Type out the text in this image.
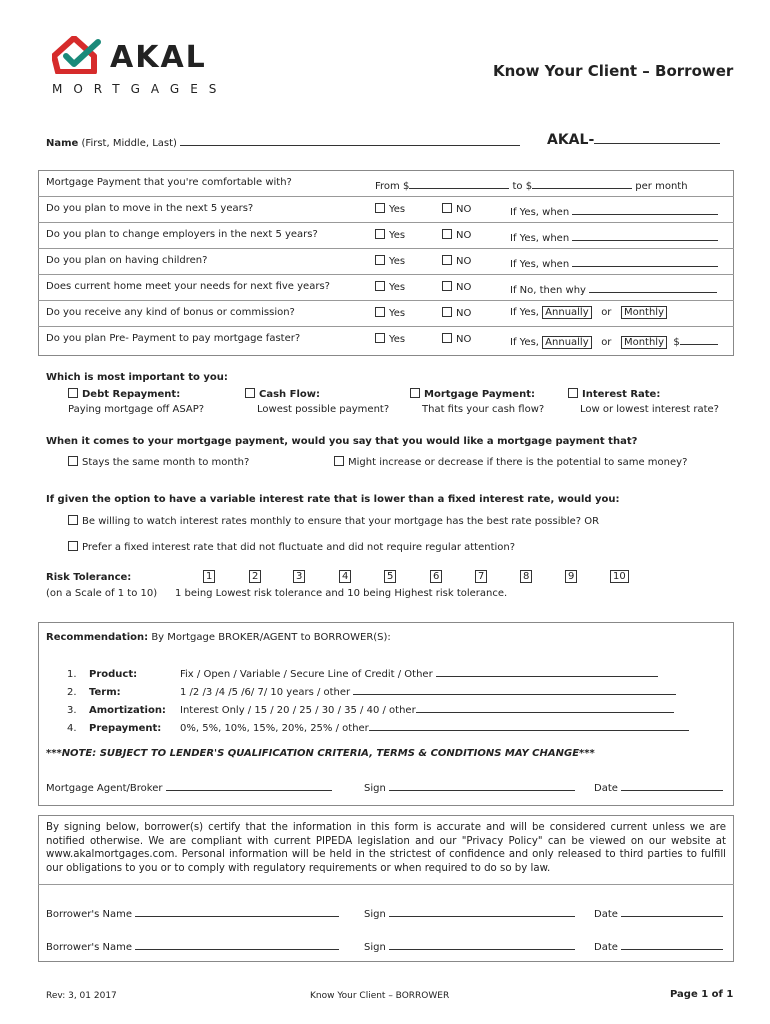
AKAL
MORTGAGES
Know Your Client – Borrower
Name (First, Middle, Last)	AKAL-
Mortgage Payment that you're comfortable with?	From $	to $	per month
Do you plan to move in the next 5 years?	Yes	NO	If Yes, when
Do you plan to change employers in the next 5 years?	Yes	NO	If Yes, when
Do you plan on having children?	Yes	NO	If Yes, when
Does current home meet your needs for next five years?	Yes	NO	If No, then why
Do you receive any kind of bonus or commission?	Yes	NO	If Yes, Annually or Monthly
Do you plan Pre- Payment to pay mortgage faster?	Yes	NO	If Yes, Annually or Monthly $
Which is most important to you:
Debt Repayment:
Paying mortgage off ASAP?
Cash Flow:
Lowest possible payment?
Mortgage Payment:
That fits your cash flow?
Interest Rate:
Low or lowest interest rate?
When it comes to your mortgage payment, would you say that you would like a mortgage payment that?
Stays the same month to month?	Might increase or decrease if there is the potential to same money?
If given the option to have a variable interest rate that is lower than a fixed interest rate, would you:
Be willing to watch interest rates monthly to ensure that your mortgage has the best rate possible? OR
Prefer a fixed interest rate that did not fluctuate and did not require regular attention?
Risk Tolerance:
(on a Scale of 1 to 10) 1 being Lowest risk tolerance and 10 being Highest risk tolerance.
1	2	3	4	5	6	7	8	9	10
Recommendation: By Mortgage BROKER/AGENT to BORROWER(S):
1. Product:	Fix / Open / Variable / Secure Line of Credit / Other
2. Term:	1 /2 /3 /4 /5 /6/ 7/ 10 years / other
3. Amortization: Interest Only / 15 / 20 / 25 / 30 / 35 / 40 / other
4. Prepayment: 0%, 5%, 10%, 15%, 20%, 25% / other
***NOTE: SUBJECT TO LENDER'S QUALIFICATION CRITERIA, TERMS & CONDITIONS MAY CHANGE***
Mortgage Agent/Broker	Sign	Date
By signing below, borrower(s) certify that the information in this form is accurate and will be considered current unless we are notified otherwise. We are compliant with current PIPEDA legislation and our "Privacy Policy" can be viewed on our website at www.akalmortgages.com. Personal information will be held in the strictest of confidence and only released to third parties to fulfill our obligations to you or to comply with regulatory requirements or when required to do so by law.
Borrower's Name	Sign	Date
Borrower's Name	Sign	Date
Rev: 3, 01 2017	Know Your Client – BORROWER	Page 1 of 1
